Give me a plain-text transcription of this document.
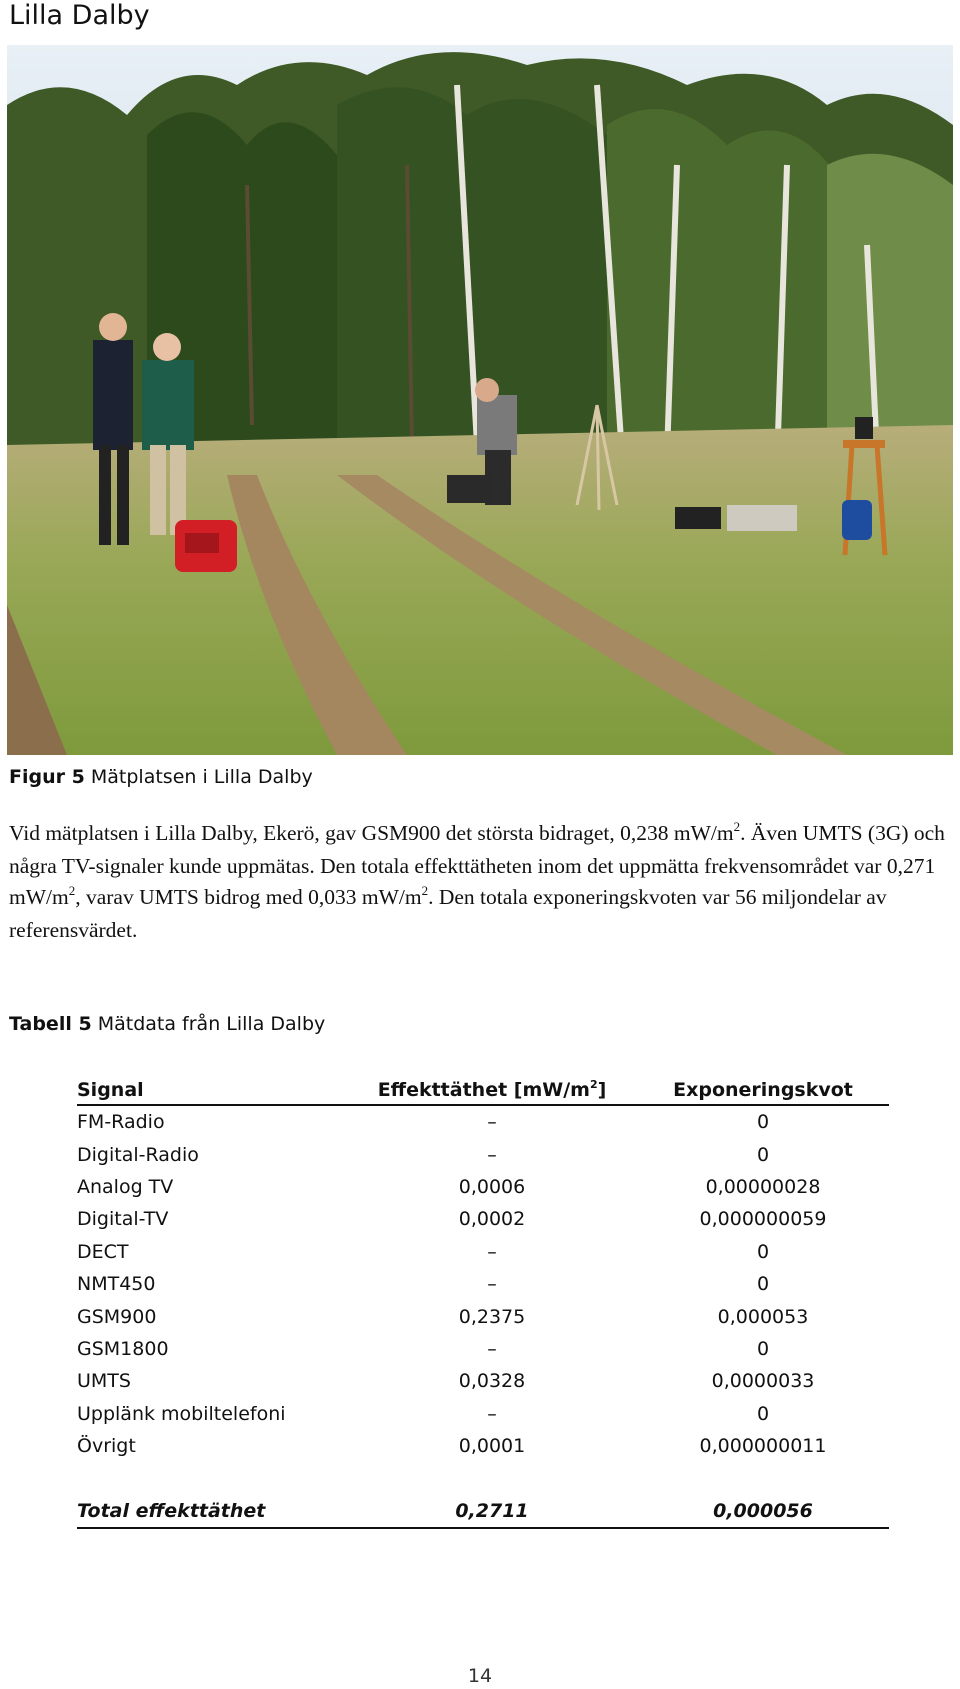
Lilla Dalby
Figur 5 Mätplatsen i Lilla Dalby

Vid mätplatsen i Lilla Dalby, Ekerö, gav GSM900 det största bidraget, 0,238 $mW/m^2$. Även UMTS (3G) och några TV-signaler kunde uppmätas. Den totala effekttätheten inom det uppmätta frekvensområdet var 0,271 $mW/m^2$, varav UMTS bidrog med 0,033 $mW/m^2$. Den totala exponeringskvoten var 56 miljondelar av referensvärdet.

Tabell 5 Mätdata från Lilla Dalby
Signal	Effekttäthet $[mW/m^2]$	Exponeringskvot
FM-Radio	–	0
Digital-Radio	–	0
Analog TV	0,0006	0,00000028
Digital-TV	0,0002	0,000000059
DECT	–	0
NMT450	–	0
GSM900	0,2375	0,000053
GSM1800	–	0
UMTS	0,0328	0,0000033
Upplänk mobiltelefoni	–	0
Övrigt	0,0001	0,000000011

Total effekttäthet	0,2711	0,000056
14
